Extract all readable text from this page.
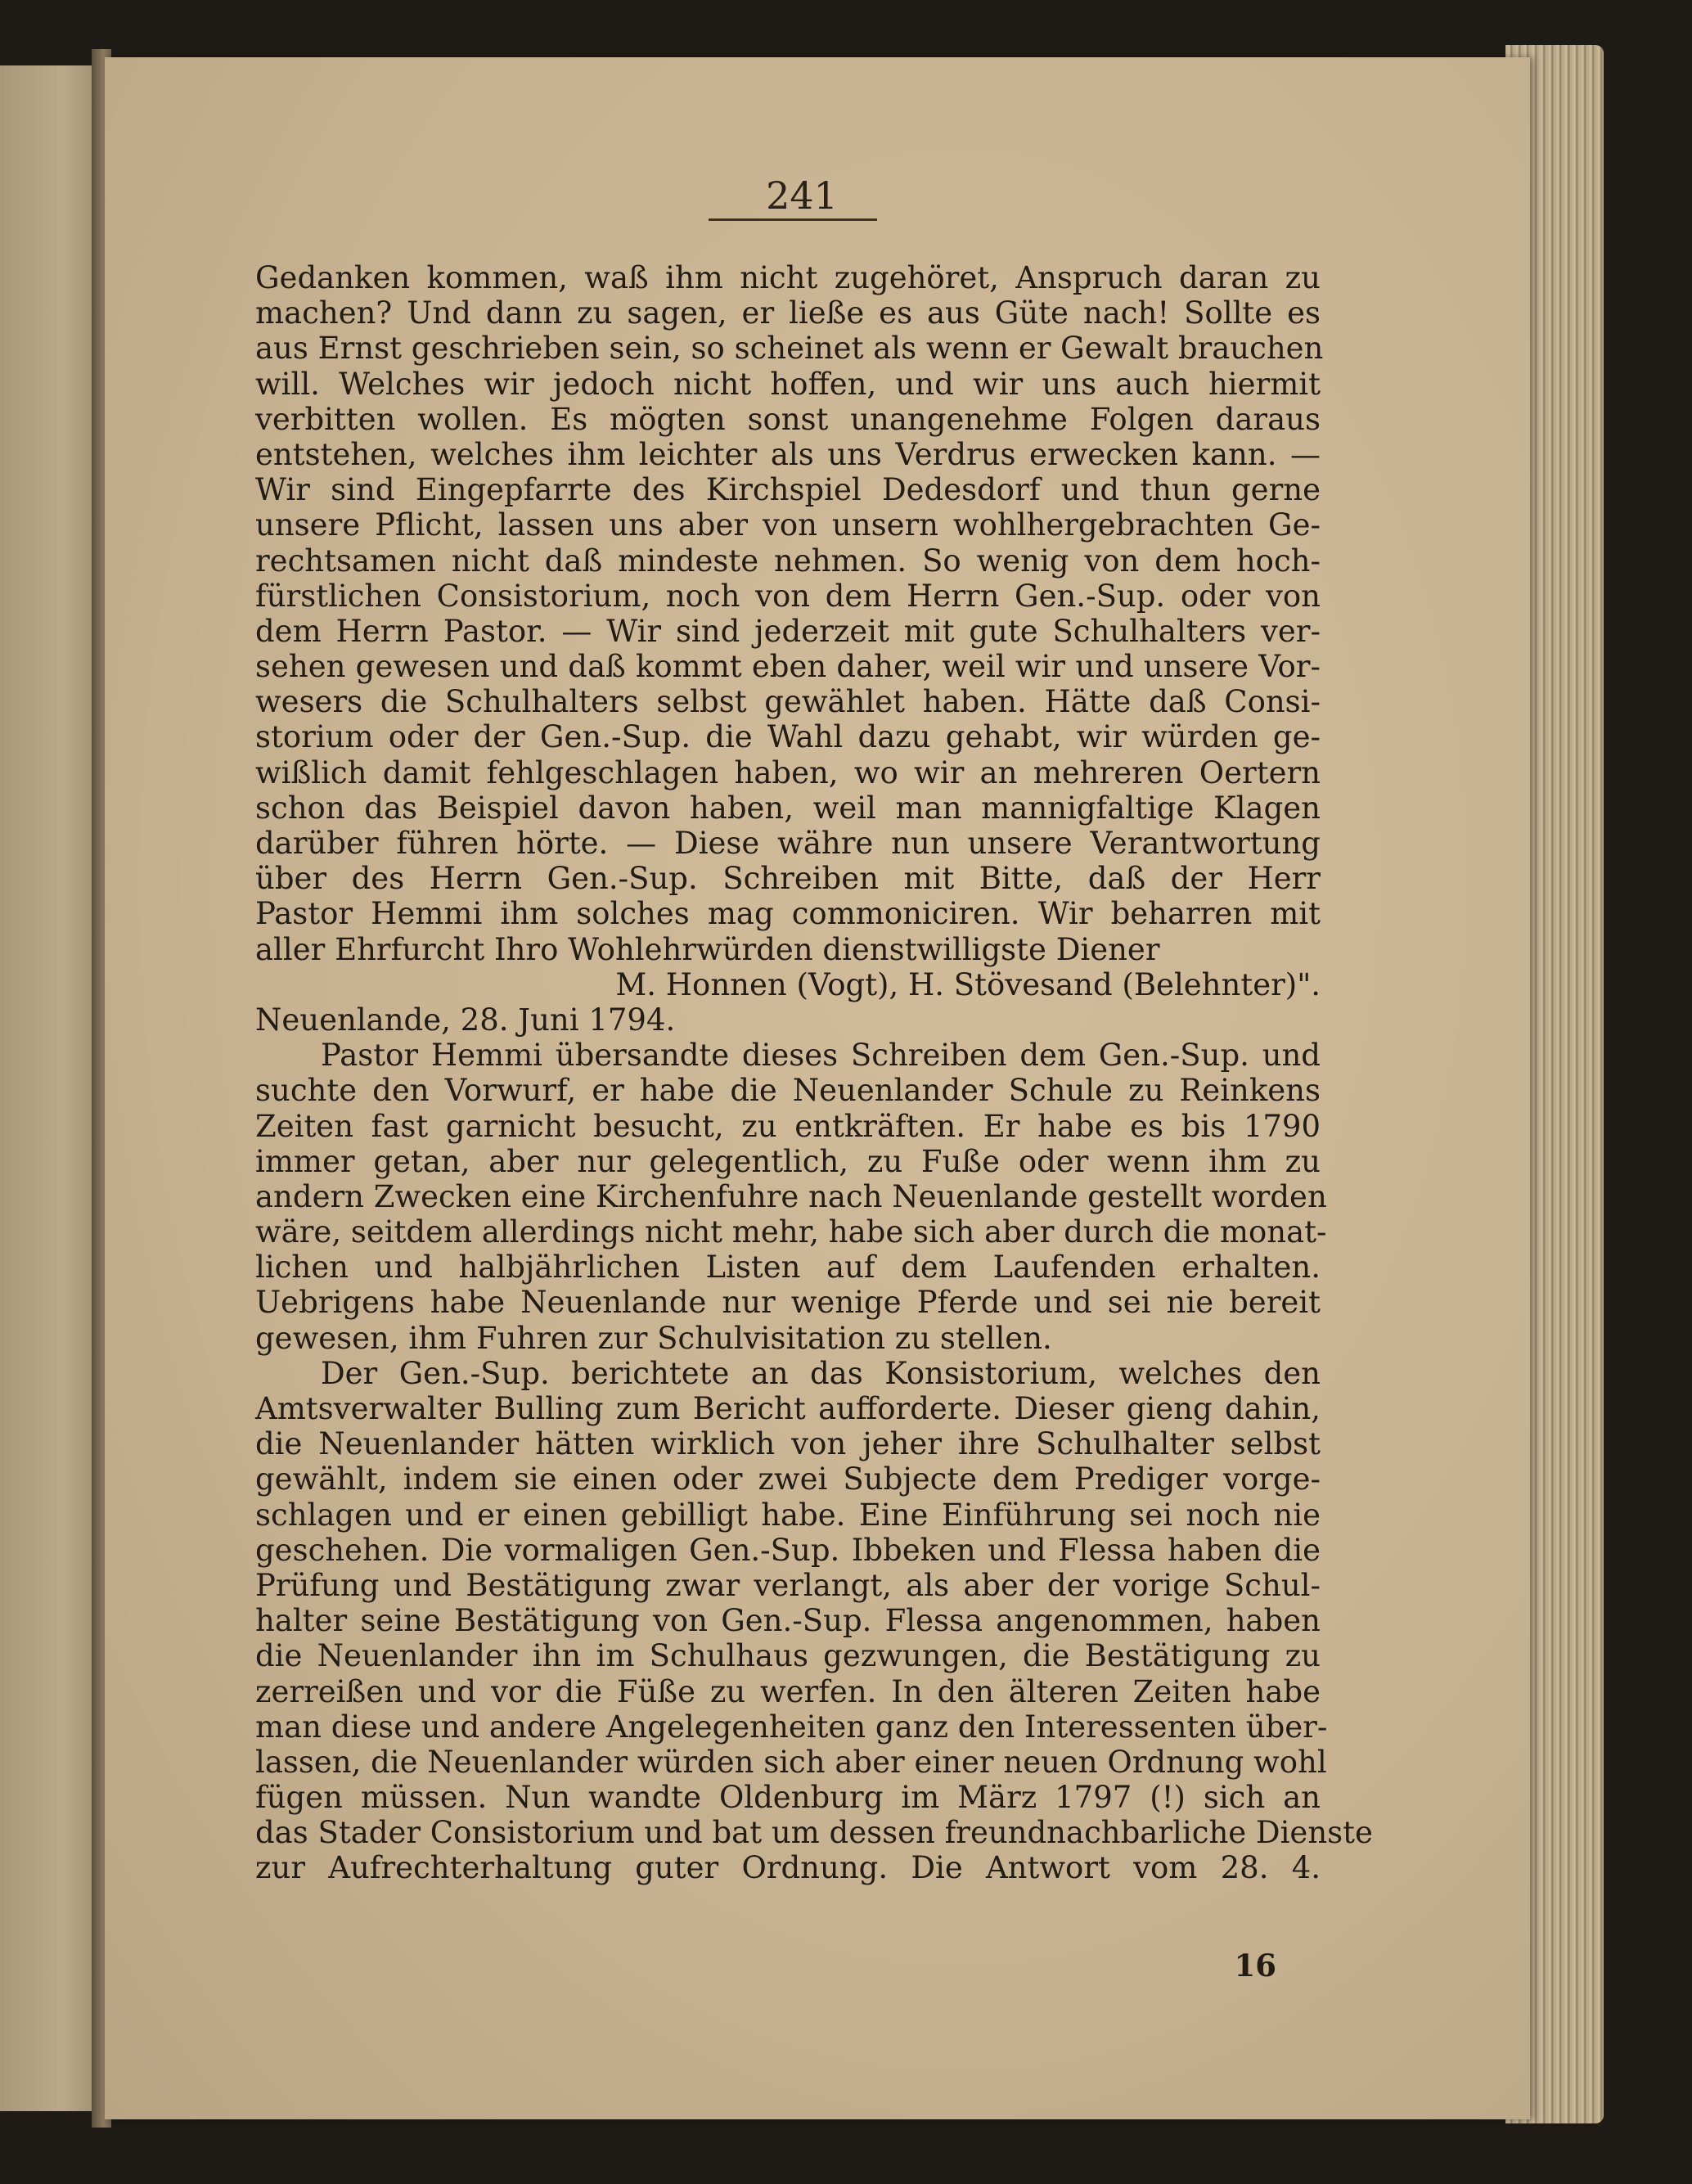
241
Gedanken kommen, waß ihm nicht zugehöret, Anspruch daran zu
machen? Und dann zu sagen, er ließe es aus Güte nach! Sollte es
aus Ernst geschrieben sein, so scheinet als wenn er Gewalt brauchen
will. Welches wir jedoch nicht hoffen, und wir uns auch hiermit
verbitten wollen. Es mögten sonst unangenehme Folgen daraus
entstehen, welches ihm leichter als uns Verdrus erwecken kann. —
Wir sind Eingepfarrte des Kirchspiel Dedesdorf und thun gerne
unsere Pflicht, lassen uns aber von unsern wohlhergebrachten Ge-
rechtsamen nicht daß mindeste nehmen. So wenig von dem hoch-
fürstlichen Consistorium, noch von dem Herrn Gen.-Sup. oder von
dem Herrn Pastor. — Wir sind jederzeit mit gute Schulhalters ver-
sehen gewesen und daß kommt eben daher, weil wir und unsere Vor-
wesers die Schulhalters selbst gewählet haben. Hätte daß Consi-
storium oder der Gen.-Sup. die Wahl dazu gehabt, wir würden ge-
wißlich damit fehlgeschlagen haben, wo wir an mehreren Oertern
schon das Beispiel davon haben, weil man mannigfaltige Klagen
darüber führen hörte. — Diese währe nun unsere Verantwortung
über des Herrn Gen.-Sup. Schreiben mit Bitte, daß der Herr
Pastor Hemmi ihm solches mag commoniciren. Wir beharren mit
aller Ehrfurcht Ihro Wohlehrwürden dienstwilligste Diener
M. Honnen (Vogt), H. Stövesand (Belehnter)".
Neuenlande, 28. Juni 1794.
Pastor Hemmi übersandte dieses Schreiben dem Gen.-Sup. und
suchte den Vorwurf, er habe die Neuenlander Schule zu Reinkens
Zeiten fast garnicht besucht, zu entkräften. Er habe es bis 1790
immer getan, aber nur gelegentlich, zu Fuße oder wenn ihm zu
andern Zwecken eine Kirchenfuhre nach Neuenlande gestellt worden
wäre, seitdem allerdings nicht mehr, habe sich aber durch die monat-
lichen und halbjährlichen Listen auf dem Laufenden erhalten.
Uebrigens habe Neuenlande nur wenige Pferde und sei nie bereit
gewesen, ihm Fuhren zur Schulvisitation zu stellen.
Der Gen.-Sup. berichtete an das Konsistorium, welches den
Amtsverwalter Bulling zum Bericht aufforderte. Dieser gieng dahin,
die Neuenlander hätten wirklich von jeher ihre Schulhalter selbst
gewählt, indem sie einen oder zwei Subjecte dem Prediger vorge-
schlagen und er einen gebilligt habe. Eine Einführung sei noch nie
geschehen. Die vormaligen Gen.-Sup. Ibbeken und Flessa haben die
Prüfung und Bestätigung zwar verlangt, als aber der vorige Schul-
halter seine Bestätigung von Gen.-Sup. Flessa angenommen, haben
die Neuenlander ihn im Schulhaus gezwungen, die Bestätigung zu
zerreißen und vor die Füße zu werfen. In den älteren Zeiten habe
man diese und andere Angelegenheiten ganz den Interessenten über-
lassen, die Neuenlander würden sich aber einer neuen Ordnung wohl
fügen müssen. Nun wandte Oldenburg im März 1797 (!) sich an
das Stader Consistorium und bat um dessen freundnachbarliche Dienste
zur Aufrechterhaltung guter Ordnung. Die Antwort vom 28. 4.
16
